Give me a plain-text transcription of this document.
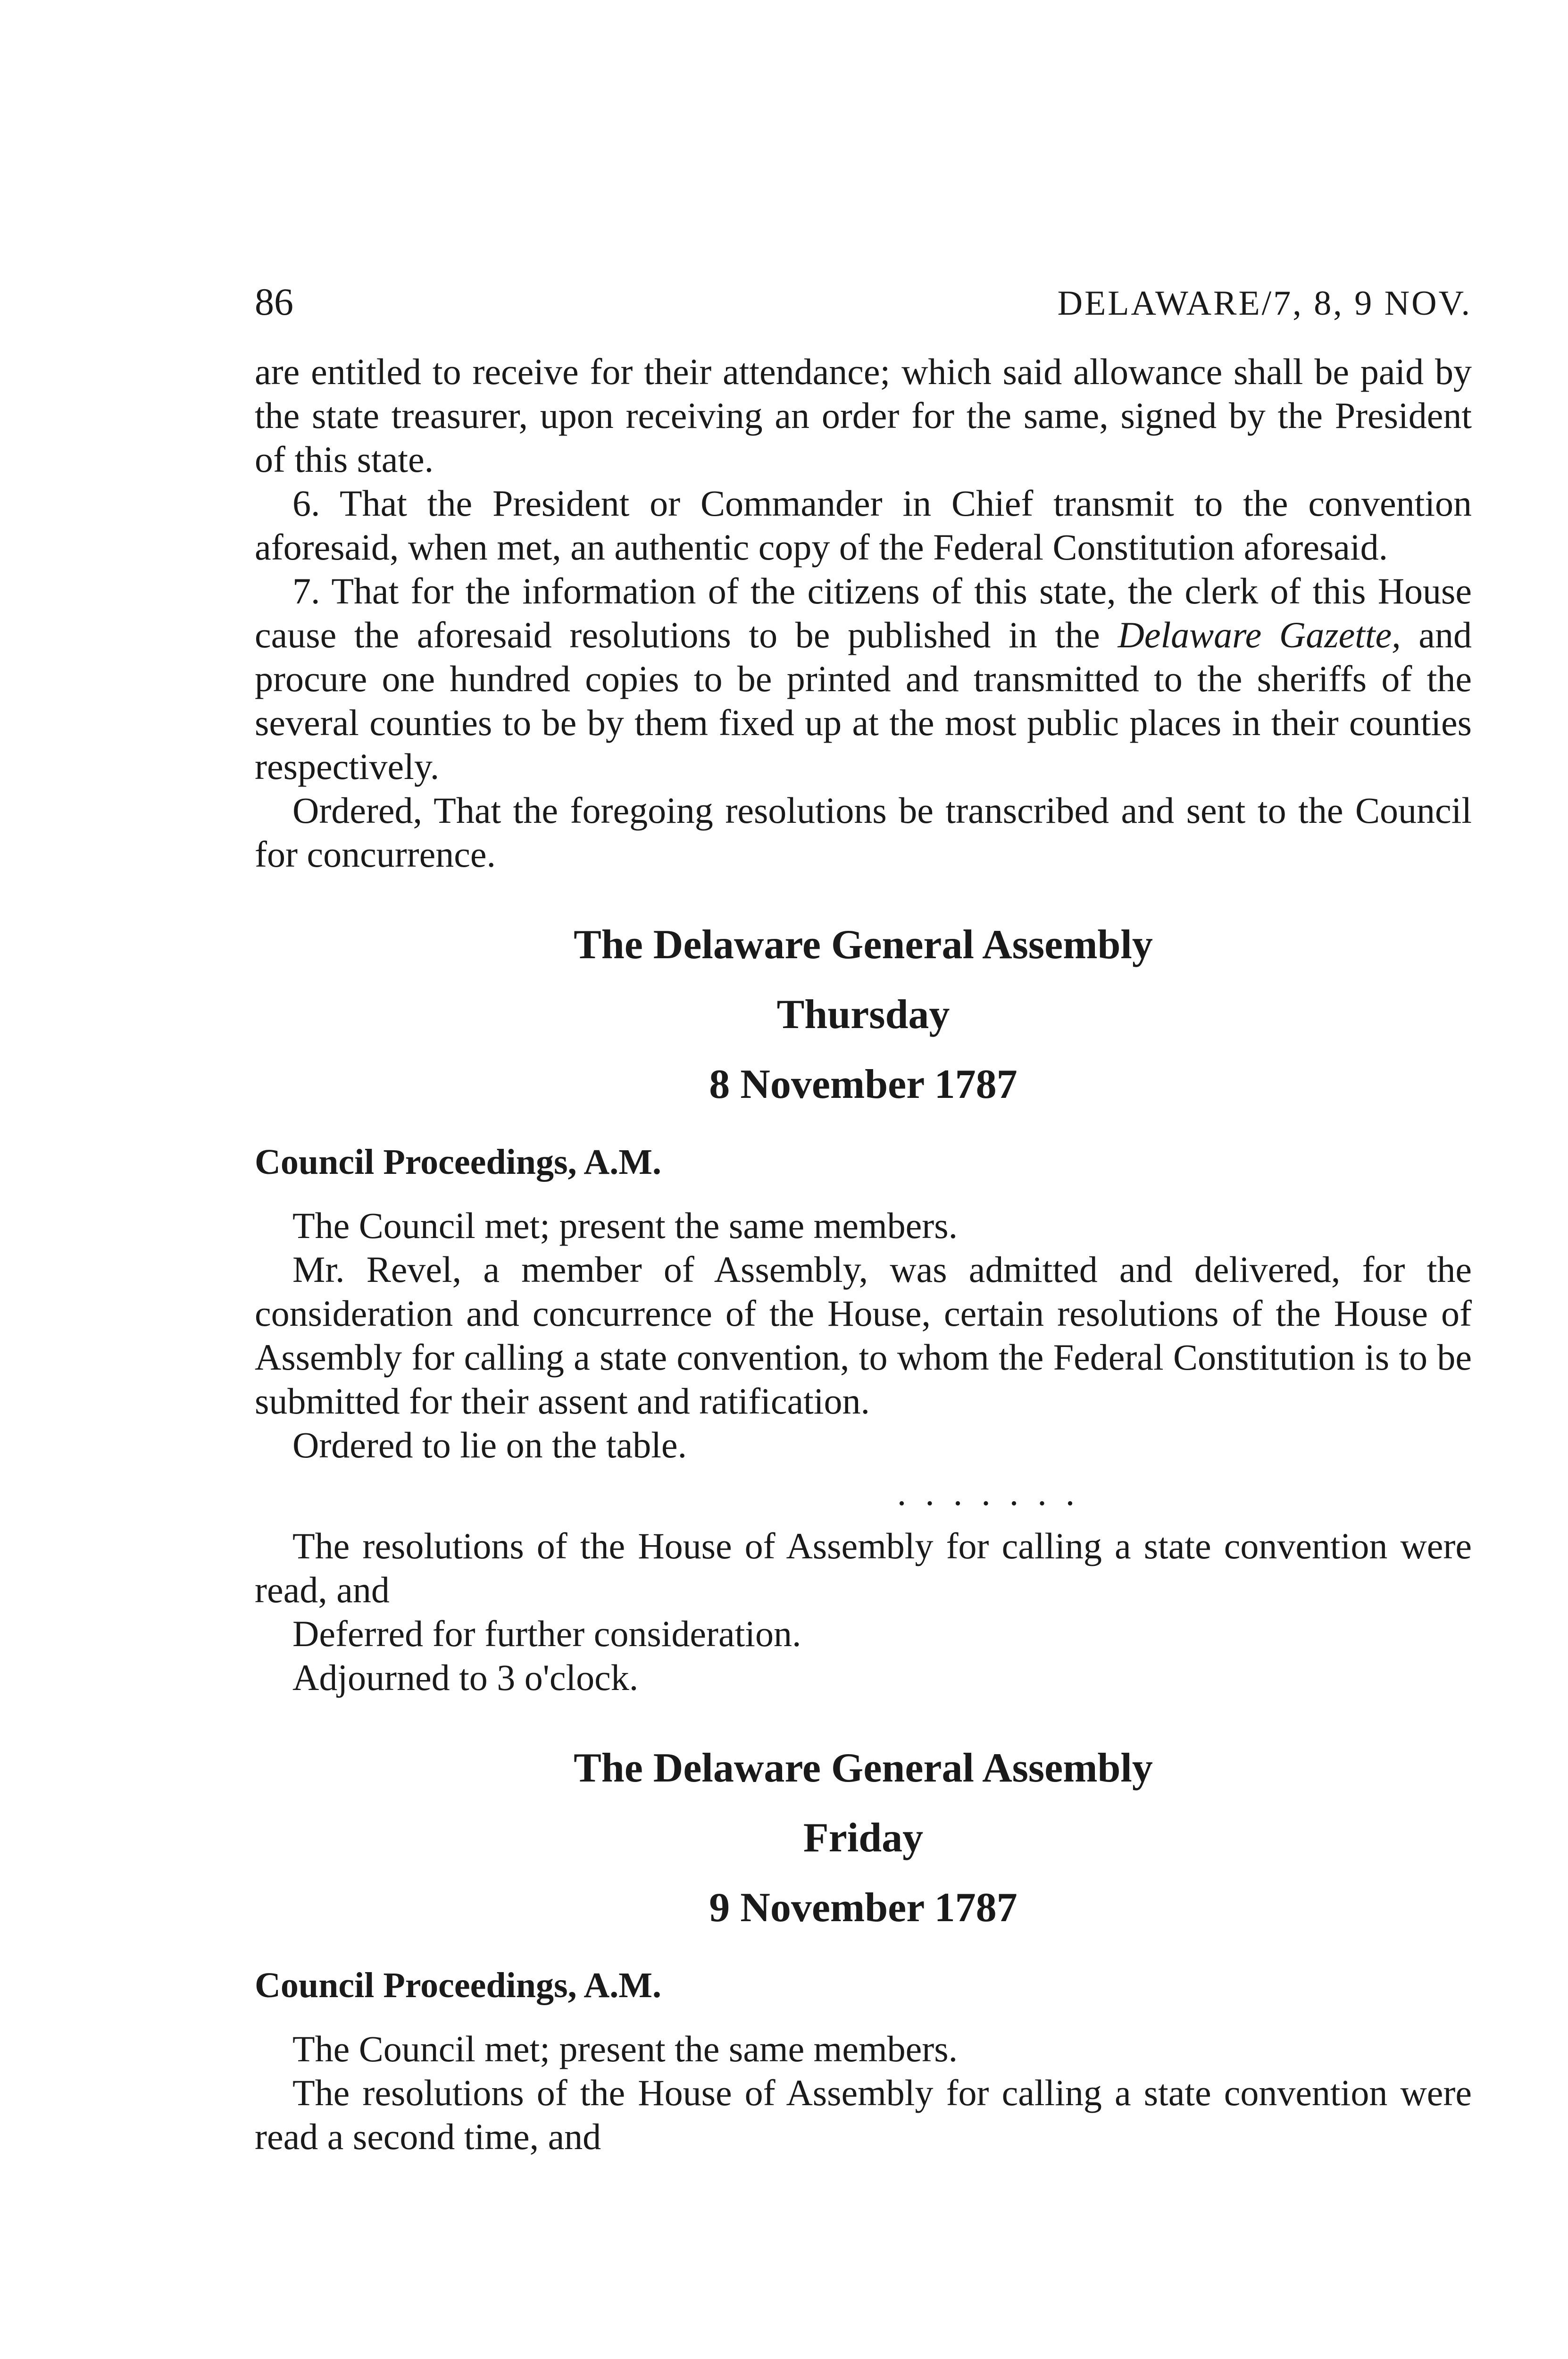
86	DELAWARE/7, 8, 9 NOV.

are entitled to receive for their attendance; which said allowance shall be paid by the state treasurer, upon receiving an order for the same, signed by the President of this state.

6. That the President or Commander in Chief transmit to the convention aforesaid, when met, an authentic copy of the Federal Constitution aforesaid.

7. That for the information of the citizens of this state, the clerk of this House cause the aforesaid resolutions to be published in the Delaware Gazette, and procure one hundred copies to be printed and transmitted to the sheriffs of the several counties to be by them fixed up at the most public places in their counties respectively.

Ordered, That the foregoing resolutions be transcribed and sent to the Council for concurrence.

The Delaware General Assembly
Thursday
8 November 1787
Council Proceedings, A.M.

The Council met; present the same members.

Mr. Revel, a member of Assembly, was admitted and delivered, for the consideration and concurrence of the House, certain resolutions of the House of Assembly for calling a state convention, to whom the Federal Constitution is to be submitted for their assent and ratification.

Ordered to lie on the table.

.......

The resolutions of the House of Assembly for calling a state convention were read, and

Deferred for further consideration.

Adjourned to 3 o'clock.

The Delaware General Assembly
Friday
9 November 1787
Council Proceedings, A.M.

The Council met; present the same members.

The resolutions of the House of Assembly for calling a state convention were read a second time, and
